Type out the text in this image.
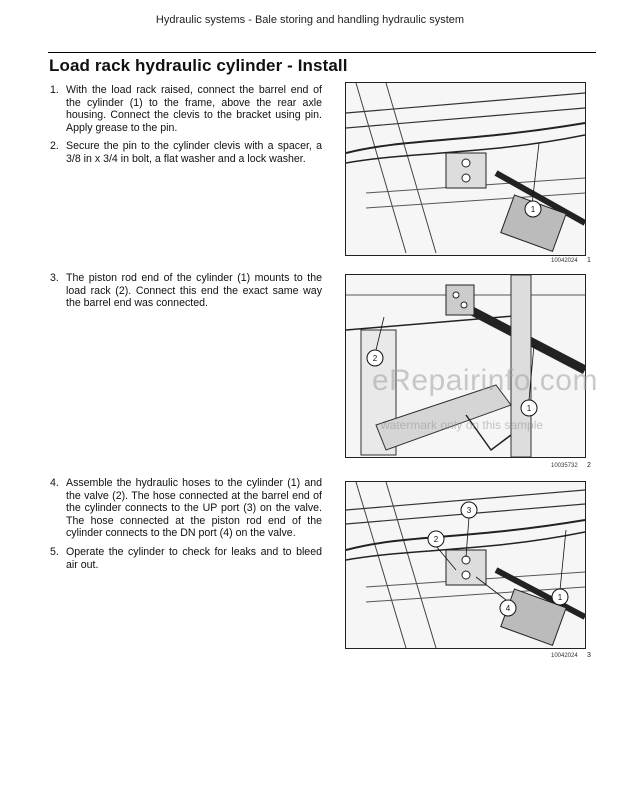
Hydraulic systems - Bale storing and handling hydraulic system
Load rack hydraulic cylinder - Install
1. With the load rack raised, connect the barrel end of the cylinder (1) to the frame, above the rear axle housing. Connect the clevis to the bracket using pin. Apply grease to the pin.
2. Secure the pin to the cylinder clevis with a spacer, a 3/8 in x 3/4 in bolt, a flat washer and a lock washer.
3. The piston rod end of the cylinder (1) mounts to the load rack (2). Connect this end the exact same way the barrel end was connected.
4. Assemble the hydraulic hoses to the cylinder (1) and the valve (2). The hose connected at the barrel end of the cylinder connects to the UP port (3) on the valve. The hose connected at the piston rod end of the cylinder connects to the DN port (4) on the valve.
5. Operate the cylinder to check for leaks and to bleed air out.
1
10042024 1
2
1
10035732 2
3
2
4
1
10042024 3
eRepairinfo.com
watermark only on this sample
